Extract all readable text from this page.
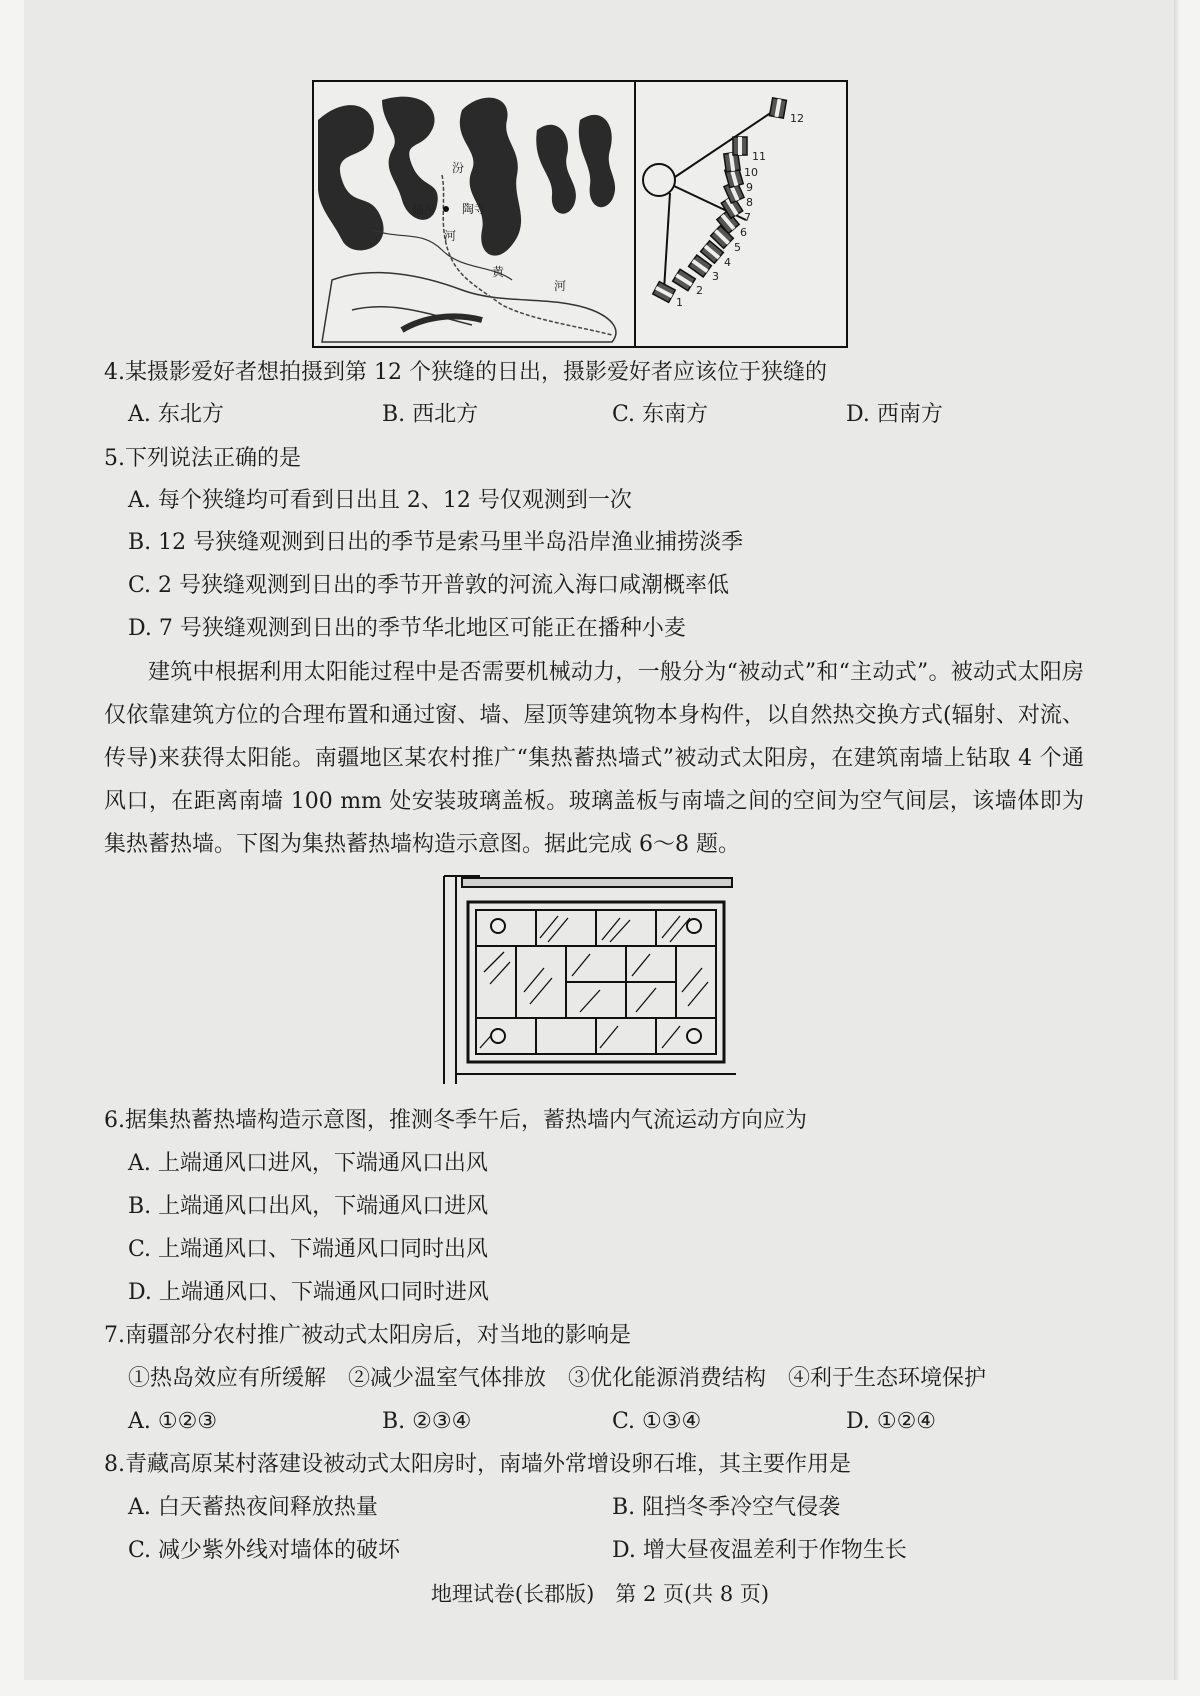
汾
临汾 陶寺
河
黄
河
1
2
3
4
5
6
7
8
9
10
11
12
4.某摄影爱好者想拍摄到第 12 个狭缝的日出，摄影爱好者应该位于狭缝的
A. 东北方	B. 西北方	C. 东南方	D. 西南方
5.下列说法正确的是
A. 每个狭缝均可看到日出且 2、12 号仅观测到一次
B. 12 号狭缝观测到日出的季节是索马里半岛沿岸渔业捕捞淡季
C. 2 号狭缝观测到日出的季节开普敦的河流入海口咸潮概率低
D. 7 号狭缝观测到日出的季节华北地区可能正在播种小麦

建筑中根据利用太阳能过程中是否需要机械动力，一般分为“被动式”和“主动式”。被动式太阳房仅依靠建筑方位的合理布置和通过窗、墙、屋顶等建筑物本身构件，以自然热交换方式(辐射、对流、传导)来获得太阳能。南疆地区某农村推广“集热蓄热墙式”被动式太阳房，在建筑南墙上钻取 4 个通风口，在距离南墙 100 mm 处安装玻璃盖板。玻璃盖板与南墙之间的空间为空气间层，该墙体即为集热蓄热墙。下图为集热蓄热墙构造示意图。据此完成 6～8 题。

6.据集热蓄热墙构造示意图，推测冬季午后，蓄热墙内气流运动方向应为
A. 上端通风口进风，下端通风口出风
B. 上端通风口出风，下端通风口进风
C. 上端通风口、下端通风口同时出风
D. 上端通风口、下端通风口同时进风
7.南疆部分农村推广被动式太阳房后，对当地的影响是
①热岛效应有所缓解　②减少温室气体排放　③优化能源消费结构　④利于生态环境保护
A. ①②③	B. ②③④	C. ①③④	D. ①②④
8.青藏高原某村落建设被动式太阳房时，南墙外常增设卵石堆，其主要作用是
A. 白天蓄热夜间释放热量	B. 阻挡冬季冷空气侵袭
C. 减少紫外线对墙体的破坏	D. 增大昼夜温差利于作物生长
地理试卷(长郡版)　第 2 页(共 8 页)
